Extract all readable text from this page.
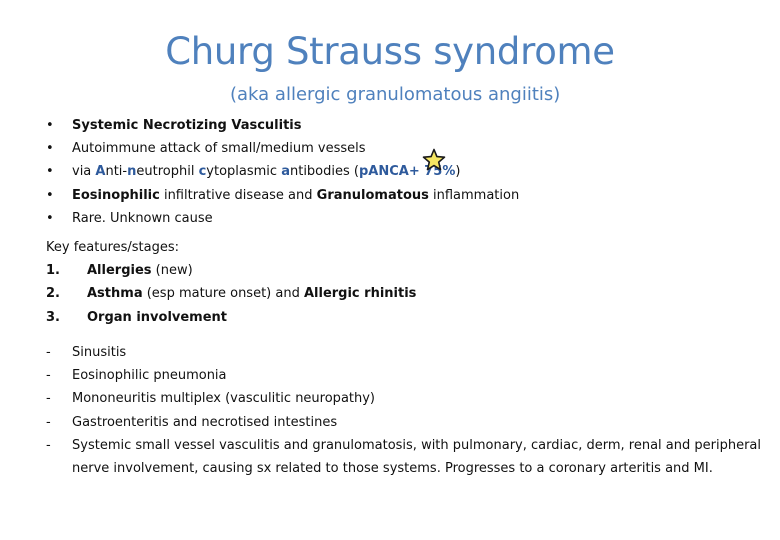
Churg Strauss syndrome
(aka allergic granulomatous angiitis)
• Systemic Necrotizing Vasculitis
• Autoimmune attack of small/medium vessels
• via Anti-neutrophil cytoplasmic antibodies (pANCA+ 75%)
• Eosinophilic infiltrative disease and Granulomatous inflammation
• Rare. Unknown cause
Key features/stages:
1. Allergies (new)
2. Asthma (esp mature onset) and Allergic rhinitis
3. Organ involvement
- Sinusitis
- Eosinophilic pneumonia
- Mononeuritis multiplex (vasculitic neuropathy)
- Gastroenteritis and necrotised intestines
- Systemic small vessel vasculitis and granulomatosis, with pulmonary, cardiac, derm, renal and peripheral nerve involvement, causing sx related to those systems. Progresses to a coronary arteritis and MI.
